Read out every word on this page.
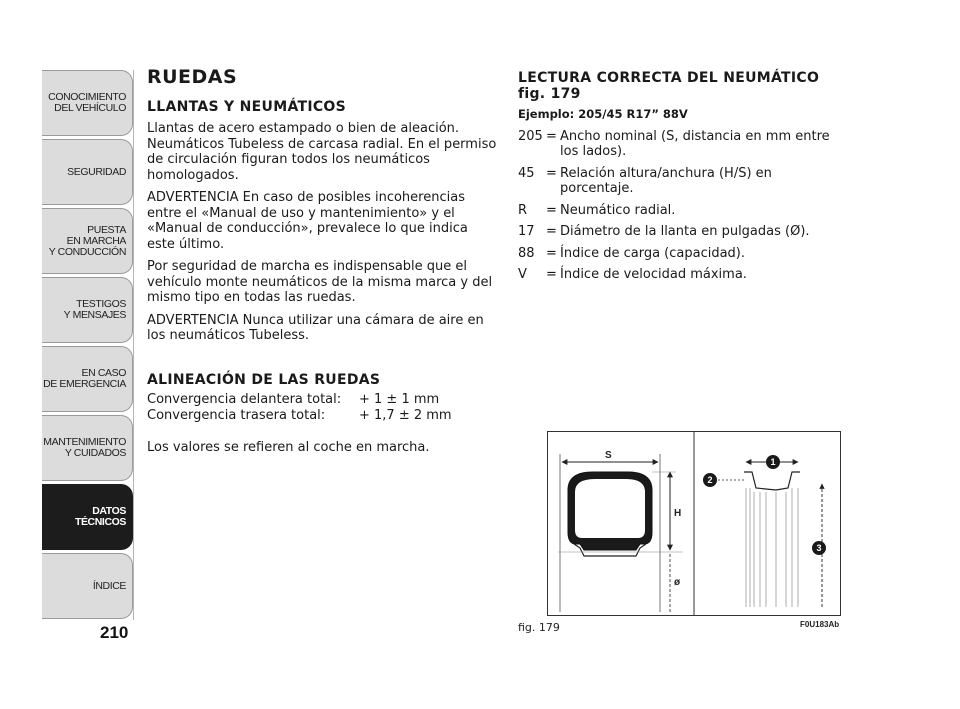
CONOCIMIENTO
DEL VEHÍCULO
SEGURIDAD
PUESTA
EN MARCHA
Y CONDUCCIÓN
TESTIGOS
Y MENSAJES
EN CASO
DE EMERGENCIA
MANTENIMIENTO
Y CUIDADOS
DATOS TÉCNICOS
ÍNDICE
210
RUEDAS
LLANTAS Y NEUMÁTICOS

Llantas de acero estampado o bien de aleación. Neumáticos Tubeless de carcasa radial. En el permiso de circulación figuran todos los neumáticos homologados.

ADVERTENCIA En caso de posibles incoherencias entre el «Manual de uso y mantenimiento» y el «Manual de conducción», prevalece lo que indica este último.

Por seguridad de marcha es indispensable que el vehículo monte neumáticos de la misma marca y del mismo tipo en todas las ruedas.

ADVERTENCIA Nunca utilizar una cámara de aire en los neumáticos Tubeless.

ALINEACIÓN DE LAS RUEDAS
Convergencia delantera total:	+ 1 ± 1 mm
Convergencia trasera total:	+ 1,7 ± 2 mm

Los valores se refieren al coche en marcha.

LECTURA CORRECTA DEL NEUMÁTICO fig. 179
Ejemplo: 205/45 R17” 88V
205 = Ancho nominal (S, distancia en mm entre los lados).
45 = Relación altura/anchura (H/S) en porcentaje.
R	= Neumático radial.
17 = Diámetro de la llanta en pulgadas (Ø).
88 = Índice de carga (capacidad).
V	= Índice de velocidad máxima.
S
H
ø
1
2
3
fig. 179	F0U183Ab
